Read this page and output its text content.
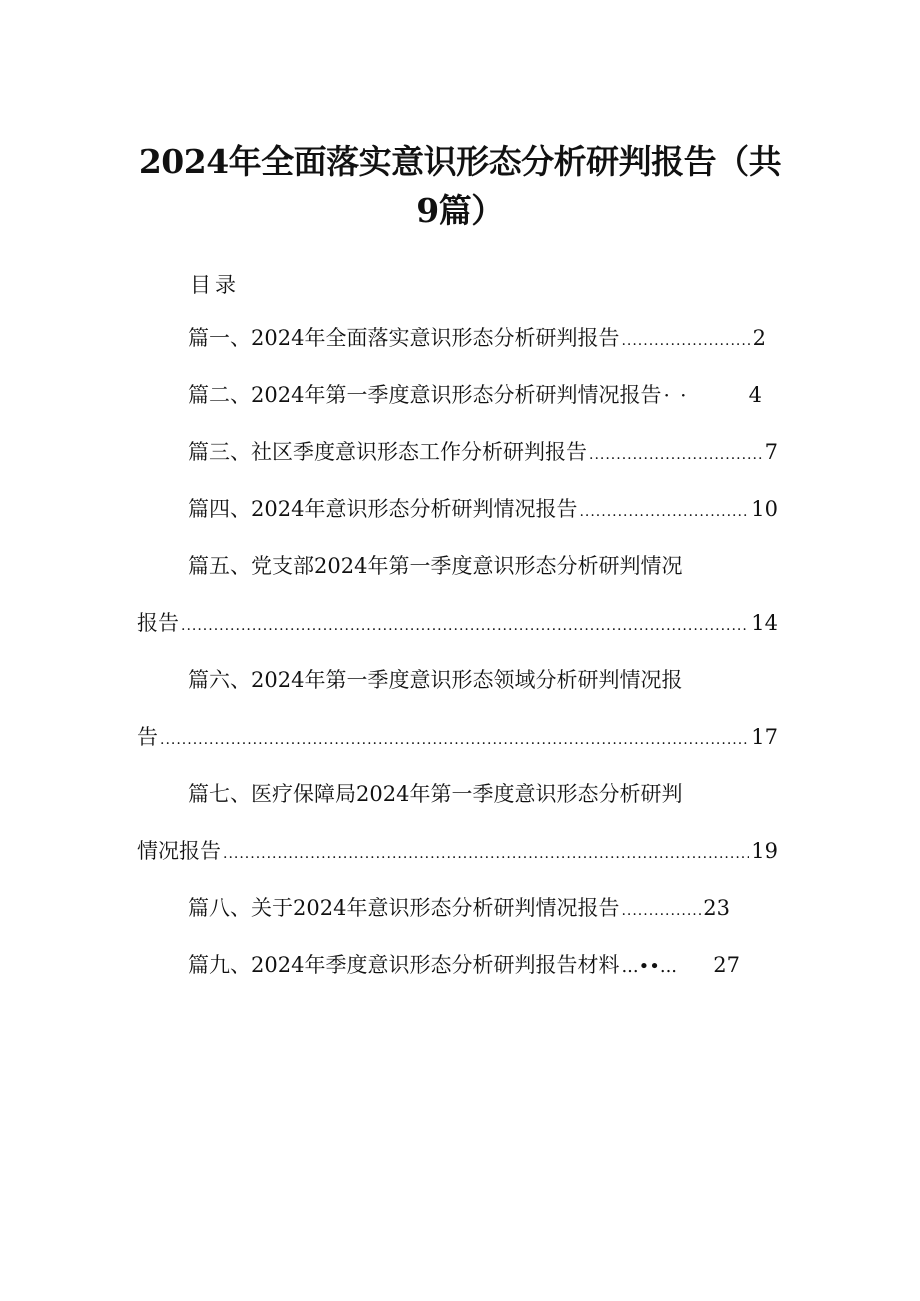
2024年全面落实意识形态分析研判报告（共
9篇）
目录
篇一、2024年全面落实意识形态分析研判报告 .....	2
篇二、2024年第一季度意识形态分析研判情况报告 · ·	4
篇三、社区季度意识形态工作分析研判报告 .....	7
篇四、2024年意识形态分析研判情况报告 .....	10
篇五、党支部2024年第一季度意识形态分析研判情况
报告 .....	14
篇六、2024年第一季度意识形态领域分析研判情况报
告 .....	17
篇七、医疗保障局2024年第一季度意识形态分析研判
情况报告 .....	19
篇八、关于2024年意识形态分析研判情况报告 .....	23
篇九、2024年季度意识形态分析研判报告材料 ...••...	27
